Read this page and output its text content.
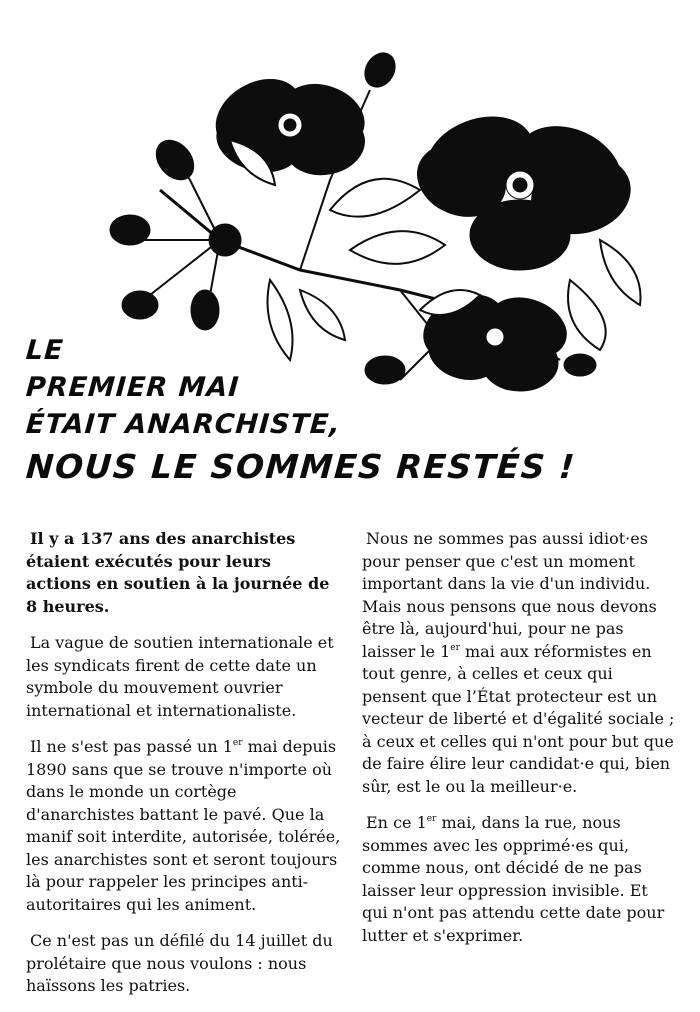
LE
PREMIER MAI
ÉTAIT ANARCHISTE,
NOUS LE SOMMES RESTÉS !

Il y a 137 ans des anarchistes étaient exécutés pour leurs actions en soutien à la journée de 8 heures.

La vague de soutien internationale et les syndicats firent de cette date un symbole du mouvement ouvrier international et internationaliste.

Il ne s'est pas passé un 1er mai depuis 1890 sans que se trouve n'importe où dans le monde un cortège d'anarchistes battant le pavé. Que la manif soit interdite, autorisée, tolérée, les anarchistes sont et seront toujours là pour rappeler les principes anti-autoritaires qui les animent.

Ce n'est pas un défilé du 14 juillet du prolétaire que nous voulons : nous haïssons les patries.

Nous ne sommes pas aussi idiot·es pour penser que c'est un moment important dans la vie d'un individu. Mais nous pensons que nous devons être là, aujourd'hui, pour ne pas laisser le 1er mai aux réformistes en tout genre, à celles et ceux qui pensent que l’État protecteur est un vecteur de liberté et d'égalité sociale ; à ceux et celles qui n'ont pour but que de faire élire leur candidat·e qui, bien sûr, est le ou la meilleur·e.

En ce 1er mai, dans la rue, nous sommes avec les opprimé·es qui, comme nous, ont décidé de ne pas laisser leur oppression invisible. Et qui n'ont pas attendu cette date pour lutter et s'exprimer.
